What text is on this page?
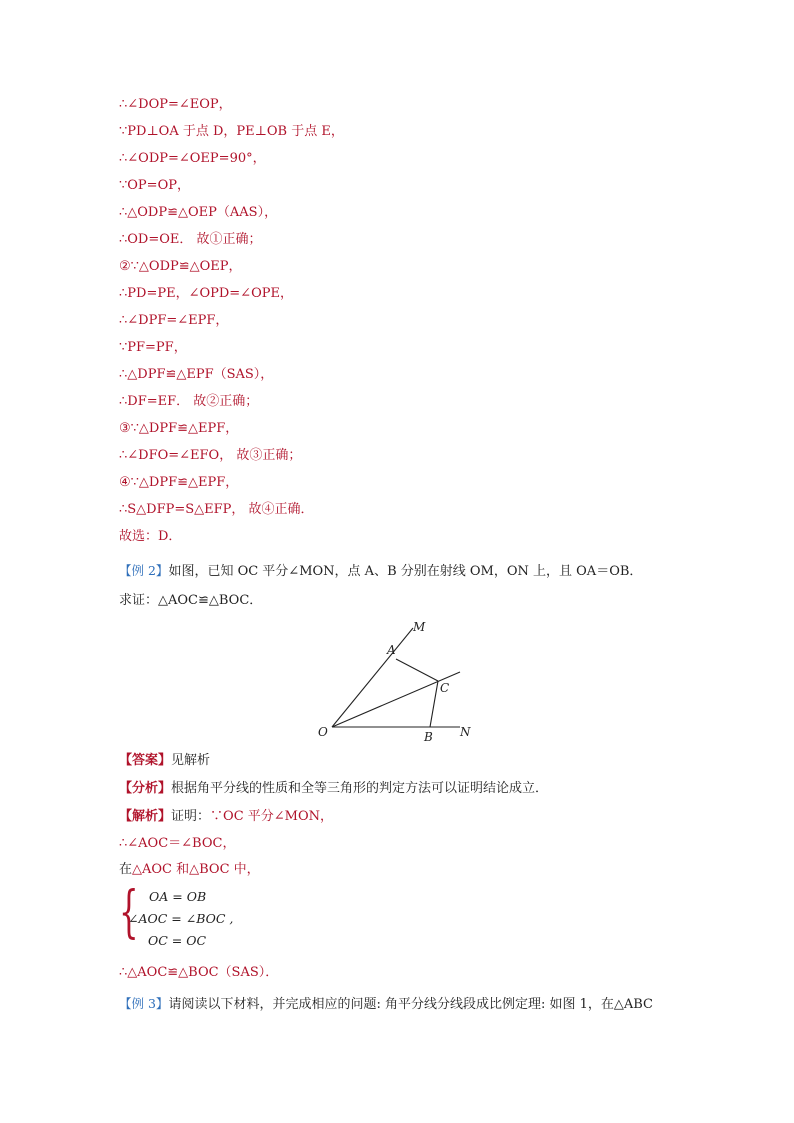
∴∠DOP=∠EOP，
∵PD⊥OA 于点 D，PE⊥OB 于点 E，
∴∠ODP=∠OEP=90°，
∵OP=OP，
∴△ODP≌△OEP（AAS），
∴OD=OE． 故①正确；
②∵△ODP≌△OEP，
∴PD=PE，∠OPD=∠OPE，
∴∠DPF=∠EPF，
∵PF=PF，
∴△DPF≌△EPF（SAS），
∴DF=EF． 故②正确；
③∵△DPF≌△EPF，
∴∠DFO=∠EFO， 故③正确；
④∵△DPF≌△EPF，
∴S△DFP=S△EFP， 故④正确．
故选：D．
【例 2】如图，已知 OC 平分∠MON，点 A、B 分别在射线 OM，ON 上，且 OA＝OB．
求证：△AOC≌△BOC．
M
A
C
O	B N
【答案】见解析
【分析】根据角平分线的性质和全等三角形的判定方法可以证明结论成立．
【解析】证明：∵OC 平分∠MON，
∴∠AOC＝∠BOC，
在△AOC 和△BOC 中，
{ OA = OB
∠AOC = ∠BOC ,
OC = OC
∴△AOC≌△BOC（SAS）．
【例 3】请阅读以下材料，并完成相应的问题: 角平分线分线段成比例定理: 如图 1，在△ABC
